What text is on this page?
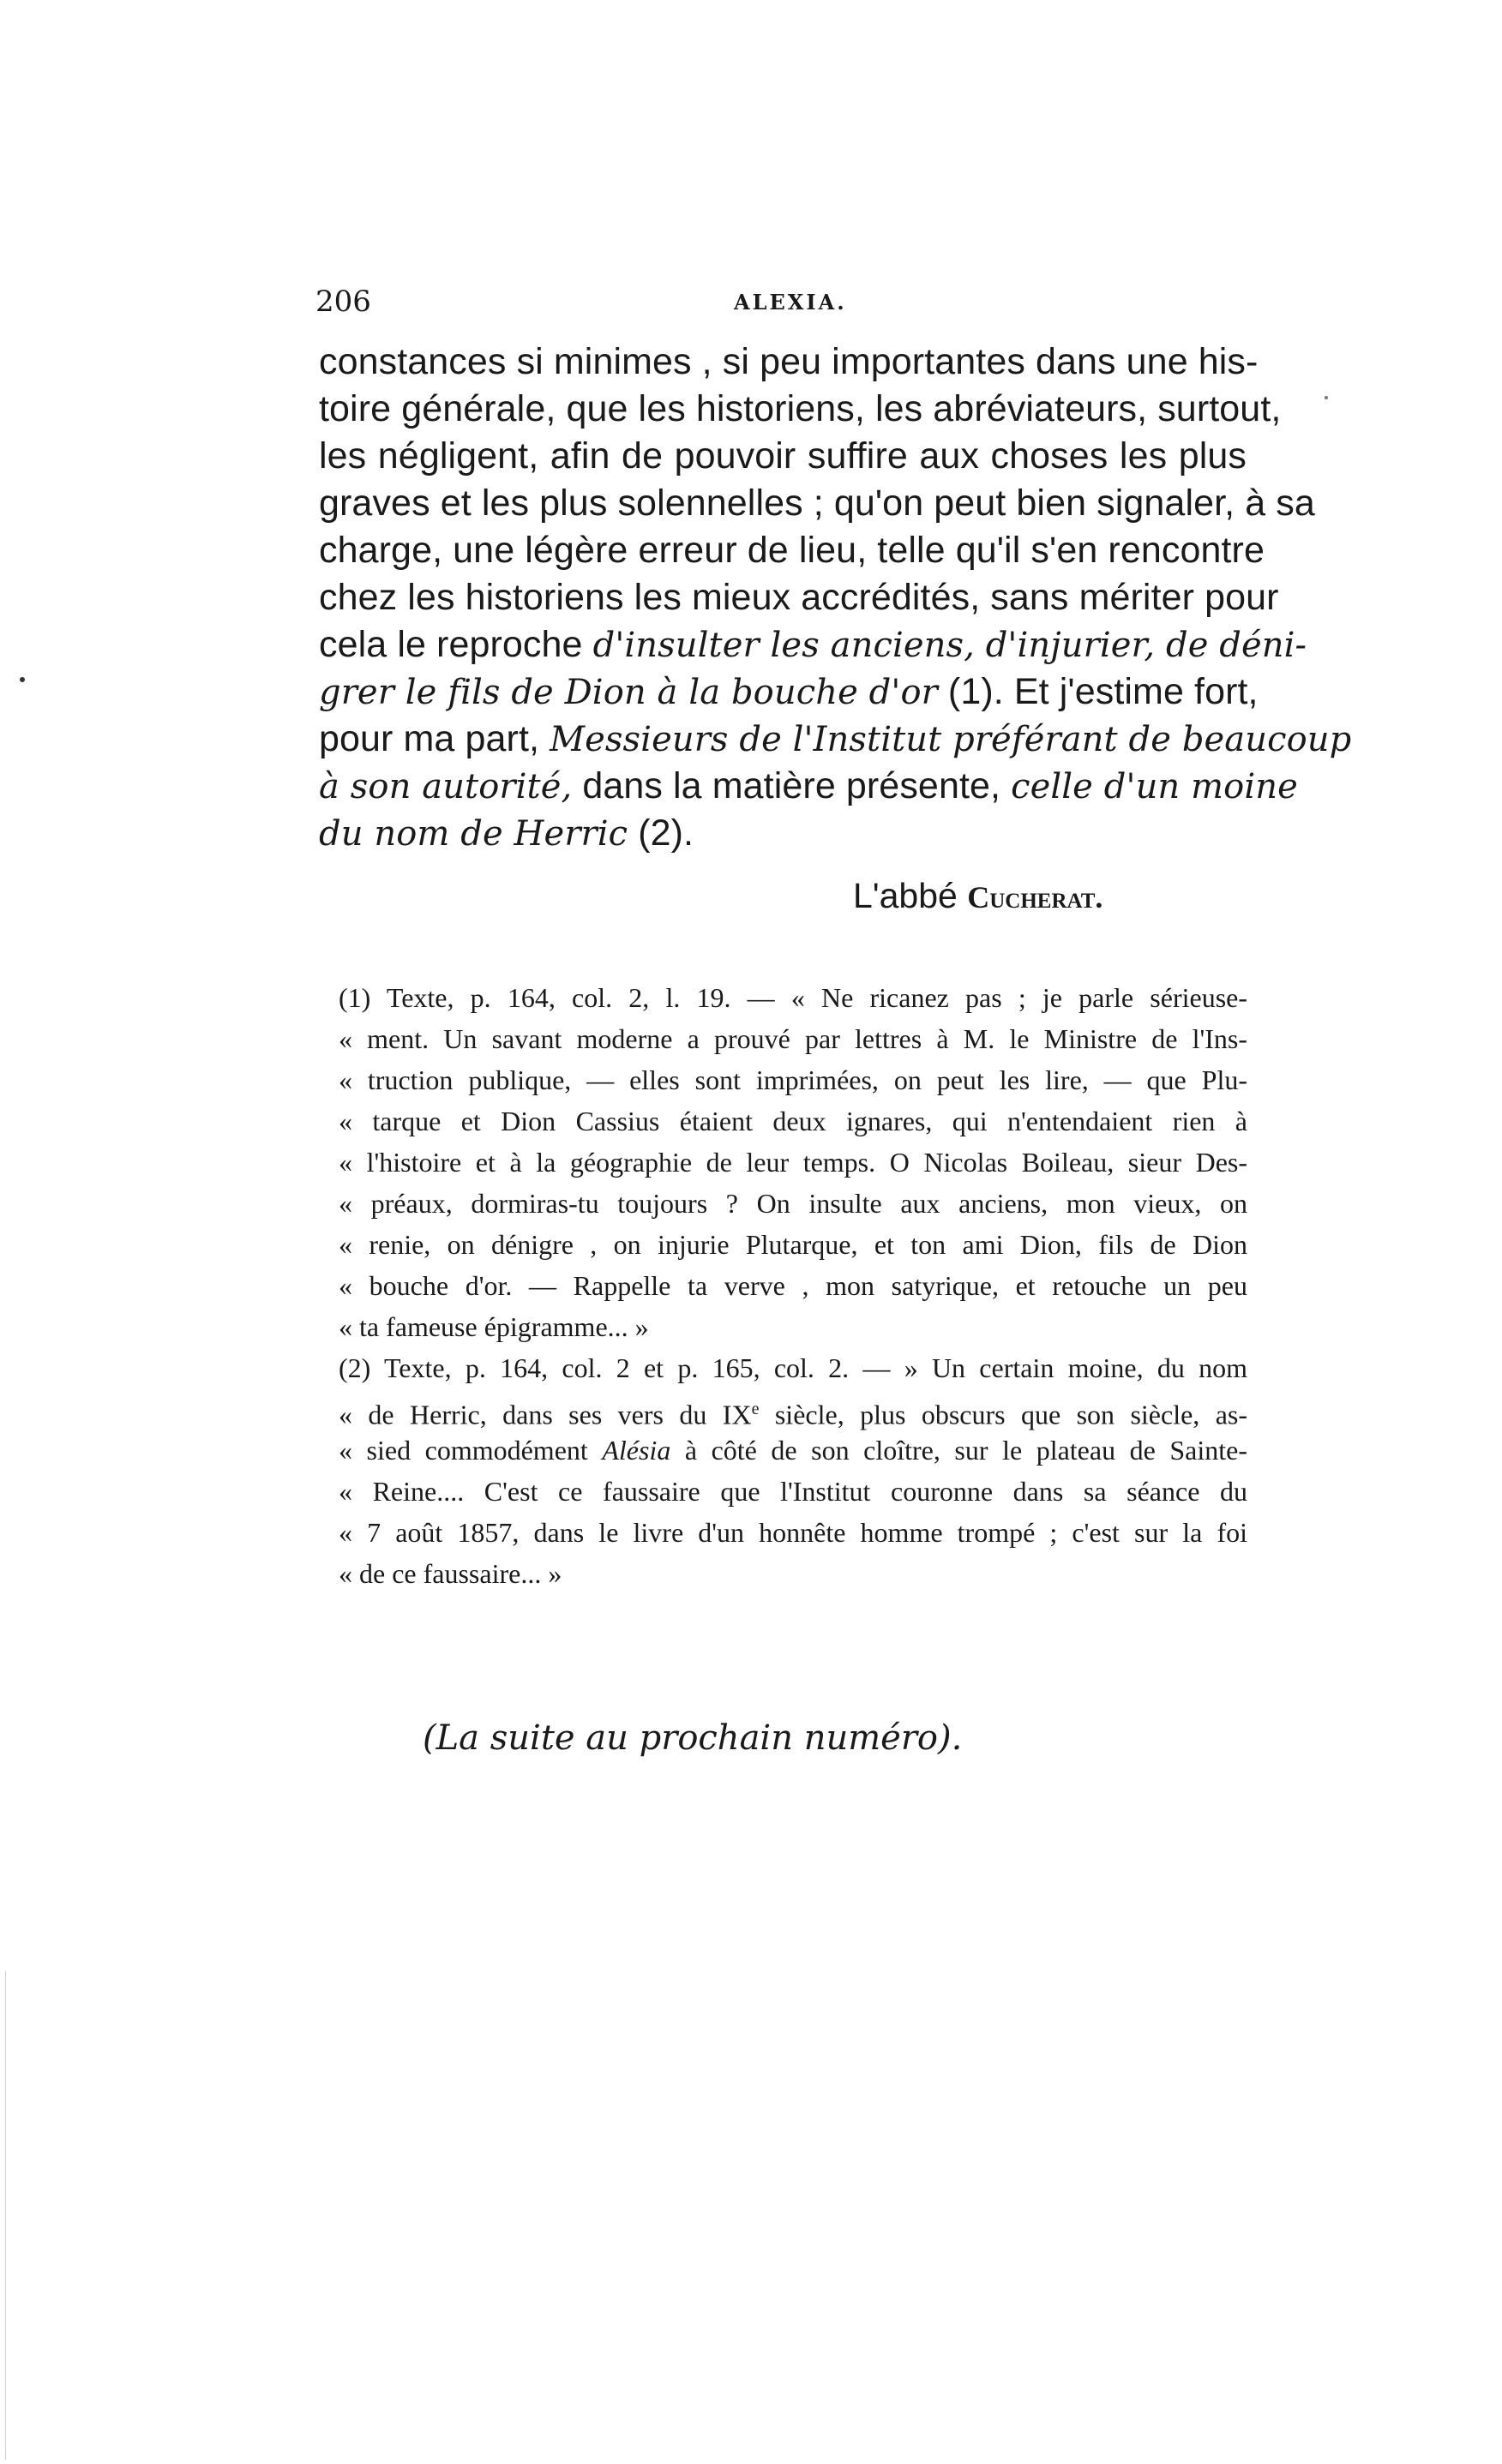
206	ALEXIA.
constances si minimes , si peu importantes dans une his-
toire générale, que les historiens, les abréviateurs, surtout,
les négligent, afin de pouvoir suffire aux choses les plus
graves et les plus solennelles ; qu'on peut bien signaler, à sa
charge, une légère erreur de lieu, telle qu'il s'en rencontre
chez les historiens les mieux accrédités, sans mériter pour
cela le reproche d'insulter les anciens, d'injurier, de déni-
grer le fils de Dion à la bouche d'or (1). Et j'estime fort,
pour ma part, Messieurs de l'Institut préférant de beaucoup
à son autorité, dans la matière présente, celle d'un moine
du nom de Herric (2).
L'abbé Cucherat.
(1) Texte, p. 164, col. 2, l. 19. — « Ne ricanez pas ; je parle sérieuse-
« ment. Un savant moderne a prouvé par lettres à M. le Ministre de l'Ins-
« truction publique, — elles sont imprimées, on peut les lire, — que Plu-
« tarque et Dion Cassius étaient deux ignares, qui n'entendaient rien à
« l'histoire et à la géographie de leur temps. O Nicolas Boileau, sieur Des-
« préaux, dormiras-tu toujours ? On insulte aux anciens, mon vieux, on
« renie, on dénigre , on injurie Plutarque, et ton ami Dion, fils de Dion
« bouche d'or. — Rappelle ta verve , mon satyrique, et retouche un peu
« ta fameuse épigramme... »
(2) Texte, p. 164, col. 2 et p. 165, col. 2. — » Un certain moine, du nom
« de Herric, dans ses vers du IXe siècle, plus obscurs que son siècle, as-
« sied commodément Alésia à côté de son cloître, sur le plateau de Sainte-
« Reine.... C'est ce faussaire que l'Institut couronne dans sa séance du
« 7 août 1857, dans le livre d'un honnête homme trompé ; c'est sur la foi
« de ce faussaire... »
(La suite au prochain numéro).
